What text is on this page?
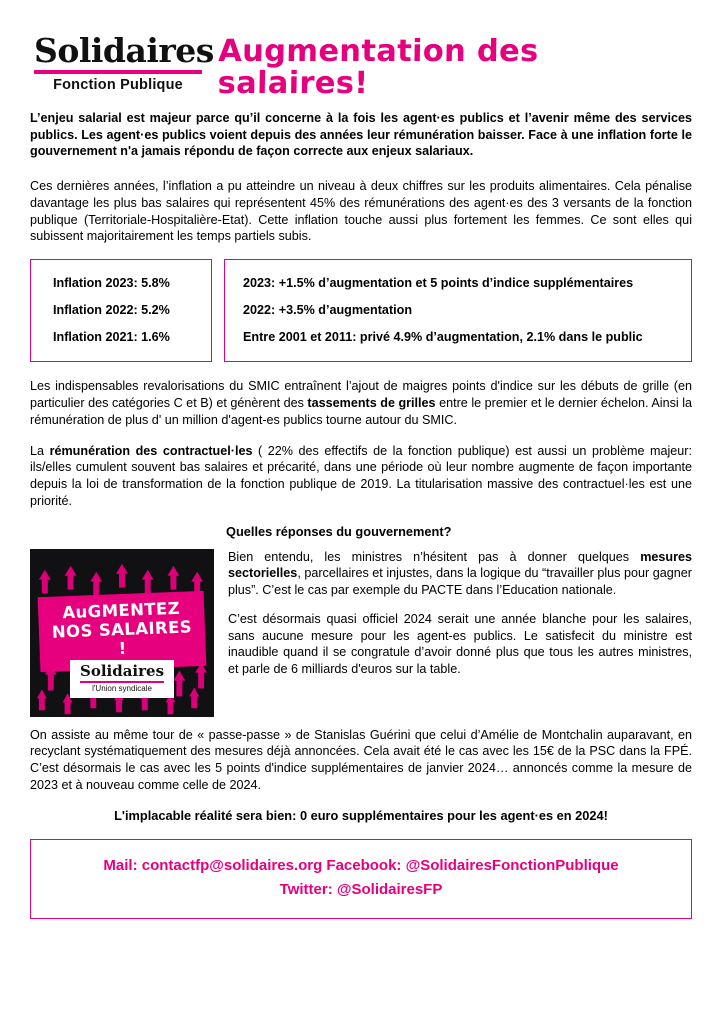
Solidaires
Fonction Publique
Augmentation des salaires!

L’enjeu salarial est majeur parce qu’il concerne à la fois les agent·es publics et l’avenir même des services publics. Les agent·es publics voient depuis des années leur rémunération baisser. Face à une inflation forte le gouvernement n'a jamais répondu de façon correcte aux enjeux salariaux.

Ces dernières années, l’inflation a pu atteindre un niveau à deux chiffres sur les produits alimentaires. Cela pénalise davantage les plus bas salaires qui représentent 45% des rémunérations des agent·es des 3 versants de la fonction publique (Territoriale-Hospitalière-Etat). Cette inflation touche aussi plus fortement les femmes. Ce sont elles qui subissent majoritairement les temps partiels subis.

Inflation 2023: 5.8%
Inflation 2022: 5.2%
Inflation 2021: 1.6%
2023: +1.5% d’augmentation et 5 points d’indice supplémentaires
2022: +3.5% d’augmentation
Entre 2001 et 2011: privé 4.9% d’augmentation, 2.1% dans le public

Les indispensables revalorisations du SMIC entraînent l’ajout de maigres points d'indice sur les débuts de grille (en particulier des catégories C et B) et génèrent des tassements de grilles entre le premier et le dernier échelon. Ainsi la rémunération de plus d' un million d'agent-es publics tourne autour du SMIC.

La rémunération des contractuel·les ( 22% des effectifs de la fonction publique) est aussi un problème majeur: ils/elles cumulent souvent bas salaires et précarité, dans une période où leur nombre augmente de façon importante depuis la loi de transformation de la fonction publique de 2019. La titularisation massive des contractuel·les est une priorité.

Quelles réponses du gouvernement?
AuGMENTEZ
NOS SALAIRES !
Solidaires
l'Union syndicale

Bien entendu, les ministres n’hésitent pas à donner quelques mesures sectorielles, parcellaires et injustes, dans la logique du “travailler plus pour gagner plus”. C’est le cas par exemple du PACTE dans l’Education nationale.

C’est désormais quasi officiel 2024 serait une année blanche pour les salaires, sans aucune mesure pour les agent-es publics. Le satisfecit du ministre est inaudible quand il se congratule d’avoir donné plus que tous les autres ministres, et parle de 6 milliards d'euros sur la table.

On assiste au même tour de « passe-passe » de Stanislas Guérini que celui d’Amélie de Montchalin auparavant, en recyclant systématiquement des mesures déjà annoncées. Cela avait été le cas avec les 15€ de la PSC dans la FPÉ. C’est désormais le cas avec les 5 points d'indice supplémentaires de janvier 2024… annoncés comme la mesure de 2023 et à nouveau comme celle de 2024.

L'implacable réalité sera bien: 0 euro supplémentaires pour les agent·es en 2024!
Mail: contactfp@solidaires.org Facebook: @SolidairesFonctionPublique
Twitter: @SolidairesFP
